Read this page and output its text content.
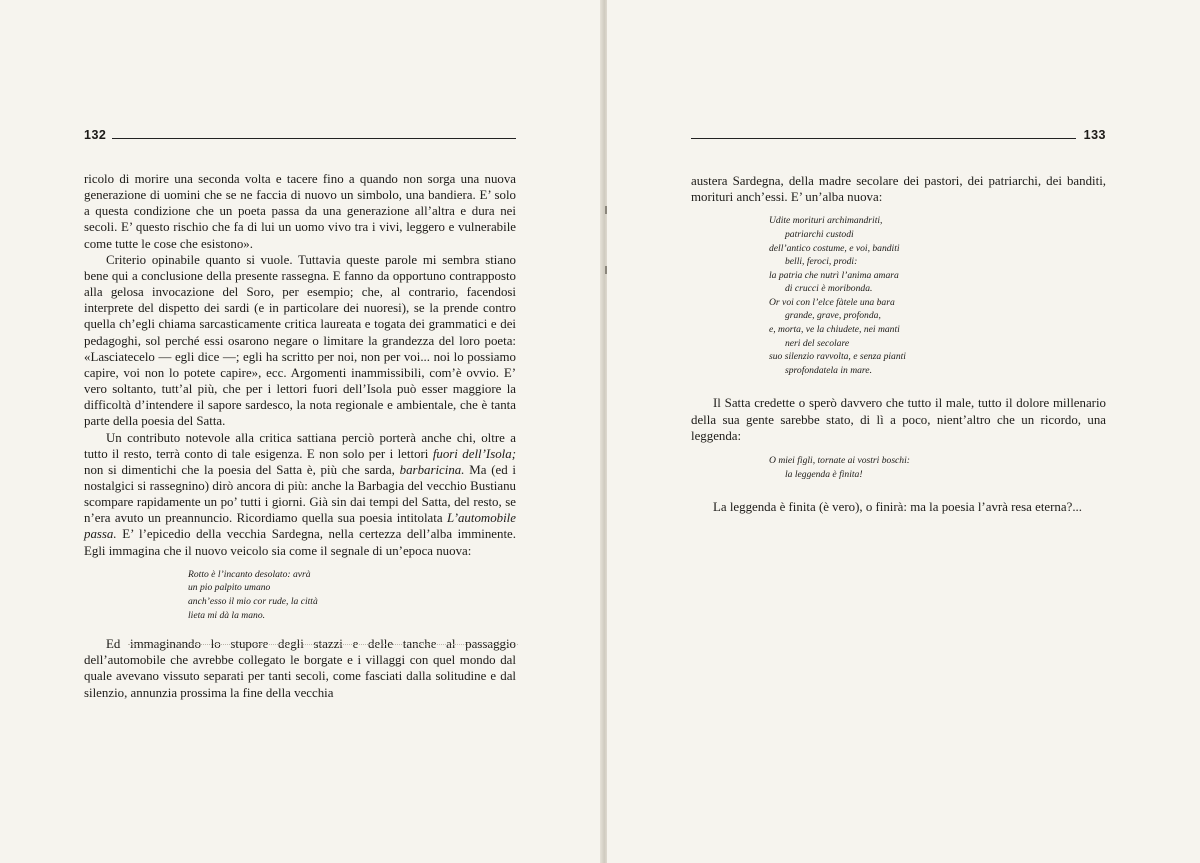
132

ricolo di morire una seconda volta e tacere fino a quando non sorga una nuova generazione di uomini che se ne faccia di nuovo un simbolo, una bandiera. E’ solo a questa condizione che un poeta passa da una generazione all’altra e dura nei secoli. E’ questo rischio che fa di lui un uomo vivo tra i vivi, leggero e vulnerabile come tutte le cose che esistono».

Criterio opinabile quanto si vuole. Tuttavia queste parole mi sembra stiano bene qui a conclusione della presente rassegna. E fanno da opportuno contrapposto alla gelosa invocazione del Soro, per esempio; che, al contrario, facendosi interprete del dispetto dei sardi (e in particolare dei nuoresi), se la prende contro quella ch’egli chiama sarcasticamente critica laureata e togata dei grammatici e dei pedagoghi, sol perché essi osarono negare o limitare la grandezza del loro poeta: «Lasciatecelo — egli dice —; egli ha scritto per noi, non per voi... noi lo possiamo capire, voi non lo potete capire», ecc. Argomenti inammissibili, com’è ovvio. E’ vero soltanto, tutt’al più, che per i lettori fuori dell’Isola può esser maggiore la difficoltà d’intendere il sapore sardesco, la nota regionale e ambientale, che è tanta parte della poesia del Satta.

Un contributo notevole alla critica sattiana perciò porterà anche chi, oltre a tutto il resto, terrà conto di tale esigenza. E non solo per i lettori fuori dell’Isola; non si dimentichi che la poesia del Satta è, più che sarda, barbaricina. Ma (ed i nostalgici si rassegnino) dirò ancora di più: anche la Barbagia del vecchio Bustianu scompare rapidamente un po’ tutti i giorni. Già sin dai tempi del Satta, del resto, se n’era avuto un preannuncio. Ricordiamo quella sua poesia intitolata L’automobile passa. E’ l’epicedio della vecchia Sardegna, nella certezza dell’alba imminente. Egli immagina che il nuovo veicolo sia come il segnale di un’epoca nuova:

Rotto è l’incanto desolato: avrà
un pio palpito umano
anch’esso il mio cor rude, la città
lieta mi dà la mano.

Ed immaginando lo stupore degli stazzi e delle tanche al passaggio dell’automobile che avrebbe collegato le borgate e i villaggi con quel mondo dal quale avevano vissuto separati per tanti secoli, come fasciati dalla solitudine e dal silenzio, annunzia prossima la fine della vecchia

133

austera Sardegna, della madre secolare dei pastori, dei patriarchi, dei banditi, morituri anch’essi. E’ un’alba nuova:

Udite morituri archimandriti,
patriarchi custodi
dell’antico costume, e voi, banditi
belli, feroci, prodi:
la patria che nutrì l’anima amara
di crucci è moribonda.
Or voi con l’elce fàtele una bara
grande, grave, profonda,
e, morta, ve la chiudete, nei manti
neri del secolare
suo silenzio ravvolta, e senza pianti
sprofondatela in mare.

Il Satta credette o sperò davvero che tutto il male, tutto il dolore millenario della sua gente sarebbe stato, di lì a poco, nient’altro che un ricordo, una leggenda:

O miei figli, tornate ai vostri boschi:
la leggenda è finita!

La leggenda è finita (è vero), o finirà: ma la poesia l’avrà resa eterna?...
